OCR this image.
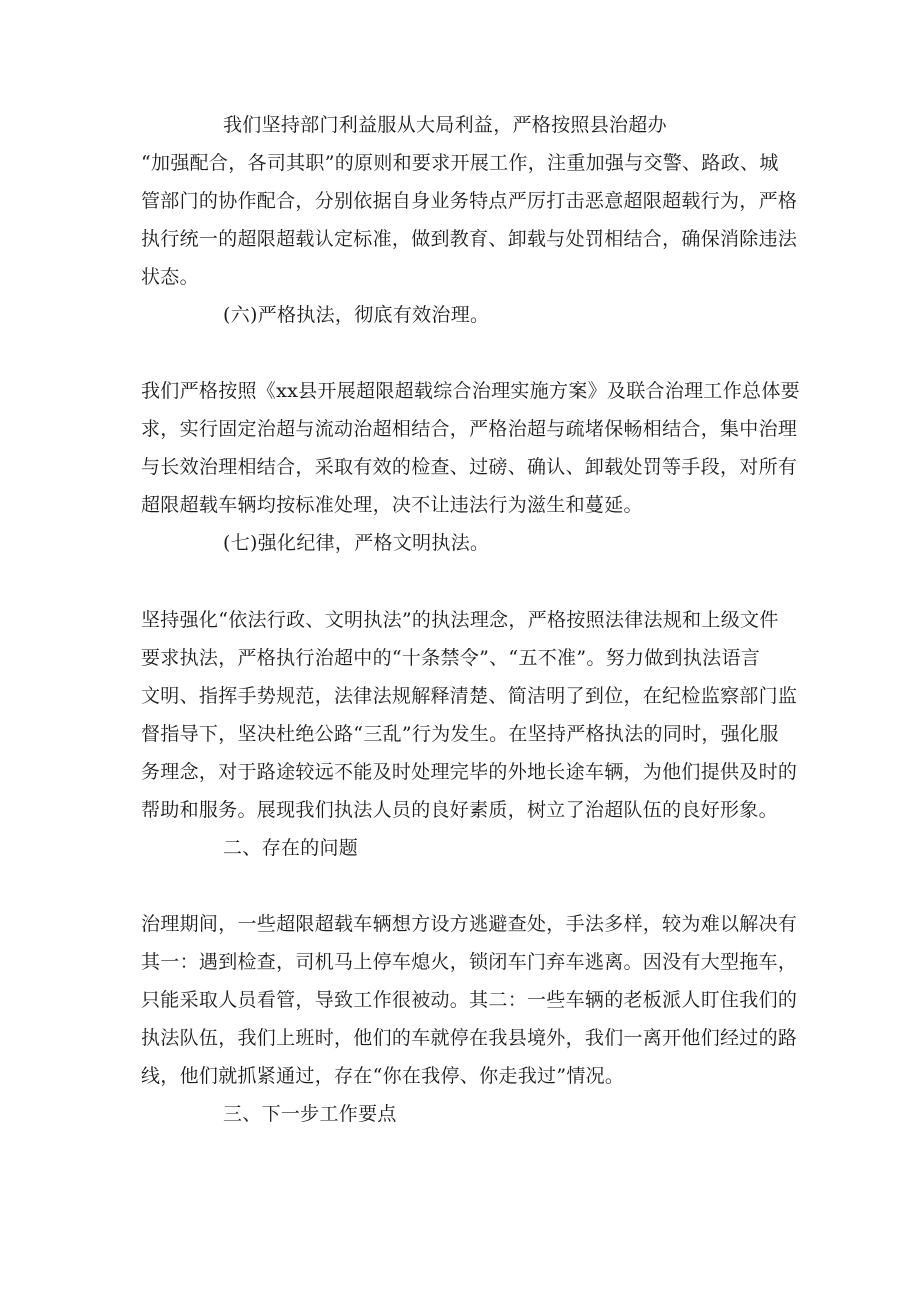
我们坚持部门利益服从大局利益，严格按照县治超办
“加强配合，各司其职”的原则和要求开展工作，注重加强与交警、路政、城
管部门的协作配合，分别依据自身业务特点严厉打击恶意超限超载行为，严格
执行统一的超限超载认定标准，做到教育、卸载与处罚相结合，确保消除违法
状态。
(六)严格执法，彻底有效治理。
我们严格按照《xx县开展超限超载综合治理实施方案》及联合治理工作总体要
求，实行固定治超与流动治超相结合，严格治超与疏堵保畅相结合，集中治理
与长效治理相结合，采取有效的检查、过磅、确认、卸载处罚等手段，对所有
超限超载车辆均按标准处理，决不让违法行为滋生和蔓延。
(七)强化纪律，严格文明执法。
坚持强化“依法行政、文明执法”的执法理念，严格按照法律法规和上级文件
要求执法，严格执行治超中的“十条禁令”、“五不准”。努力做到执法语言
文明、指挥手势规范，法律法规解释清楚、简洁明了到位，在纪检监察部门监
督指导下，坚决杜绝公路“三乱”行为发生。在坚持严格执法的同时，强化服
务理念，对于路途较远不能及时处理完毕的外地长途车辆，为他们提供及时的
帮助和服务。展现我们执法人员的良好素质，树立了治超队伍的良好形象。
二、存在的问题
治理期间，一些超限超载车辆想方设方逃避查处，手法多样，较为难以解决有
其一：遇到检查，司机马上停车熄火，锁闭车门弃车逃离。因没有大型拖车，
只能采取人员看管，导致工作很被动。其二：一些车辆的老板派人盯住我们的
执法队伍，我们上班时，他们的车就停在我县境外，我们一离开他们经过的路
线，他们就抓紧通过，存在“你在我停、你走我过”情况。
三、下一步工作要点
